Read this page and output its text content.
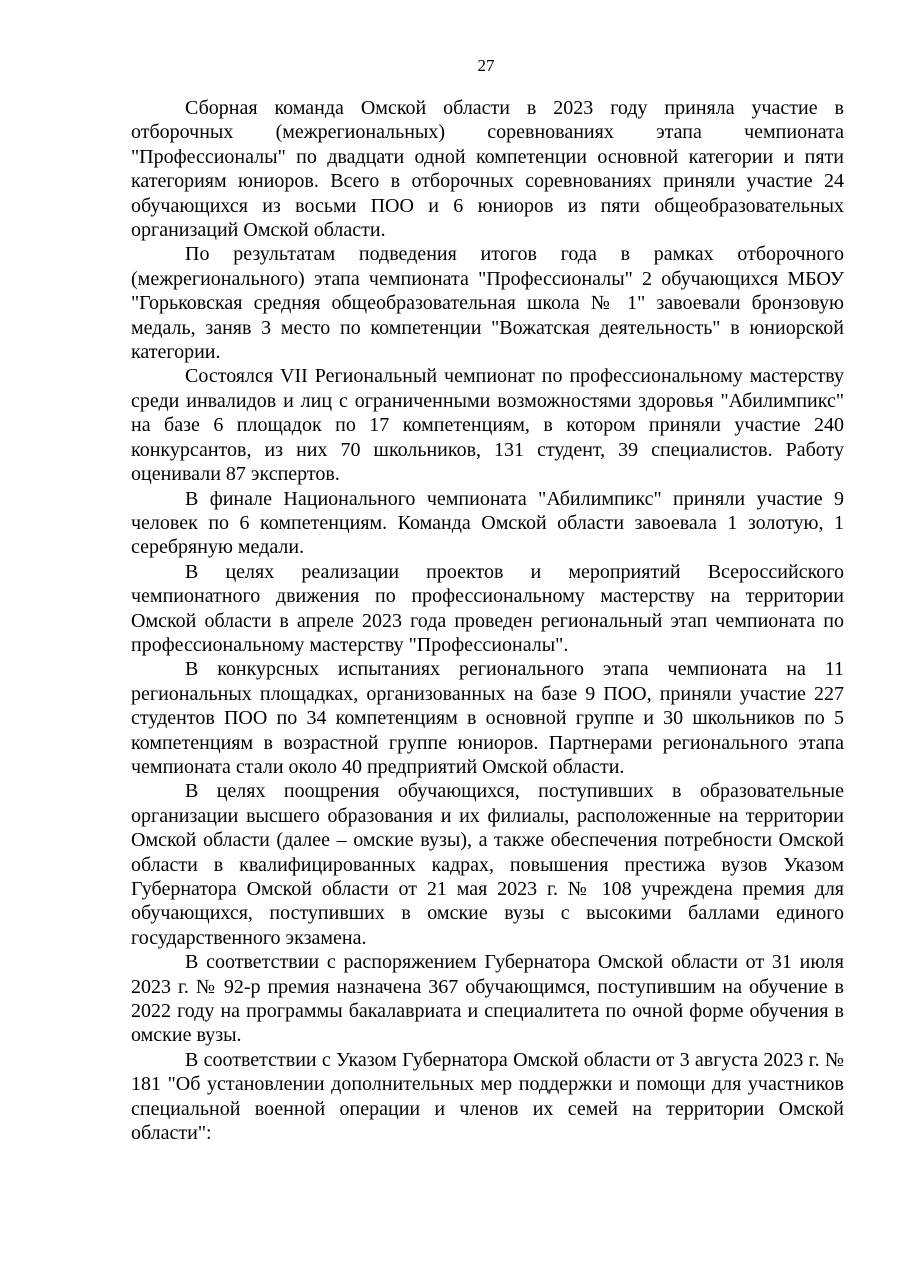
27

Сборная команда Омской области в 2023 году приняла участие в отборочных (межрегиональных) соревнованиях этапа чемпионата "Профессионалы" по двадцати одной компетенции основной категории и пяти категориям юниоров. Всего в отборочных соревнованиях приняли участие 24 обучающихся из восьми ПОО и 6 юниоров из пяти общеобразовательных организаций Омской области.

По результатам подведения итогов года в рамках отборочного (межрегионального) этапа чемпионата "Профессионалы" 2 обучающихся МБОУ "Горьковская средняя общеобразовательная школа № 1" завоевали бронзовую медаль, заняв 3 место по компетенции "Вожатская деятельность" в юниорской категории.

Состоялся VII Региональный чемпионат по профессиональному мастерству среди инвалидов и лиц с ограниченными возможностями здоровья "Абилимпикс" на базе 6 площадок по 17 компетенциям, в котором приняли участие 240 конкурсантов, из них 70 школьников, 131 студент, 39 специалистов. Работу оценивали 87 экспертов.

В финале Национального чемпионата "Абилимпикс" приняли участие 9 человек по 6 компетенциям. Команда Омской области завоевала 1 золотую, 1 серебряную медали.

В целях реализации проектов и мероприятий Всероссийского чемпионатного движения по профессиональному мастерству на территории Омской области в апреле 2023 года проведен региональный этап чемпионата по профессиональному мастерству "Профессионалы".

В конкурсных испытаниях регионального этапа чемпионата на 11 региональных площадках, организованных на базе 9 ПОО, приняли участие 227 студентов ПОО по 34 компетенциям в основной группе и 30 школьников по 5 компетенциям в возрастной группе юниоров. Партнерами регионального этапа чемпионата стали около 40 предприятий Омской области.

В целях поощрения обучающихся, поступивших в образовательные организации высшего образования и их филиалы, расположенные на территории Омской области (далее – омские вузы), а также обеспечения потребности Омской области в квалифицированных кадрах, повышения престижа вузов Указом Губернатора Омской области от 21 мая 2023 г. № 108 учреждена премия для обучающихся, поступивших в омские вузы с высокими баллами единого государственного экзамена.

В соответствии с распоряжением Губернатора Омской области от 31 июля 2023 г. № 92-р премия назначена 367 обучающимся, поступившим на обучение в 2022 году на программы бакалавриата и специалитета по очной форме обучения в омские вузы.

В соответствии с Указом Губернатора Омской области от 3 августа 2023 г. № 181 "Об установлении дополнительных мер поддержки и помощи для участников специальной военной операции и членов их семей на территории Омской области":
